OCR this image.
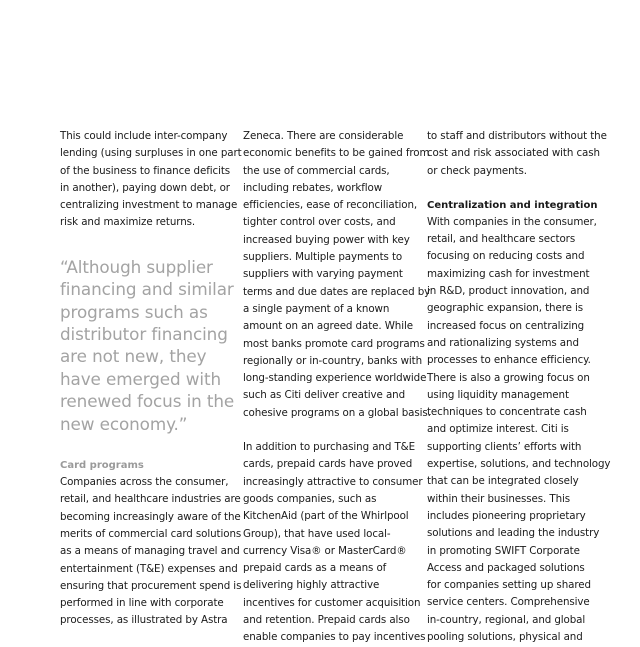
This could include inter-company
lending (using surpluses in one part
of the business to finance deficits
in another), paying down debt, or
centralizing investment to manage
risk and maximize returns.

“Although supplier
financing and similar
programs such as
distributor financing
are not new, they
have emerged with
renewed focus in the
new economy.”

Card programs

Companies across the consumer,
retail, and healthcare industries are
becoming increasingly aware of the
merits of commercial card solutions
as a means of managing travel and
entertainment (T&E) expenses and
ensuring that procurement spend is
performed in line with corporate
processes, as illustrated by Astra

Zeneca. There are considerable
economic benefits to be gained from
the use of commercial cards,
including rebates, workflow
efficiencies, ease of reconciliation,
tighter control over costs, and
increased buying power with key
suppliers. Multiple payments to
suppliers with varying payment
terms and due dates are replaced by
a single payment of a known
amount on an agreed date. While
most banks promote card programs
regionally or in-country, banks with
long-standing experience worldwide
such as Citi deliver creative and
cohesive programs on a global basis.

In addition to purchasing and T&E
cards, prepaid cards have proved
increasingly attractive to consumer
goods companies, such as
KitchenAid (part of the Whirlpool
Group), that have used local-
currency Visa® or MasterCard®
prepaid cards as a means of
delivering highly attractive
incentives for customer acquisition
and retention. Prepaid cards also
enable companies to pay incentives

to staff and distributors without the
cost and risk associated with cash
or check payments.

Centralization and integration

With companies in the consumer,
retail, and healthcare sectors
focusing on reducing costs and
maximizing cash for investment
in R&D, product innovation, and
geographic expansion, there is
increased focus on centralizing
and rationalizing systems and
processes to enhance efficiency.
There is also a growing focus on
using liquidity management
techniques to concentrate cash
and optimize interest. Citi is
supporting clients’ efforts with
expertise, solutions, and technology
that can be integrated closely
within their businesses. This
includes pioneering proprietary
solutions and leading the industry
in promoting SWIFT Corporate
Access and packaged solutions
for companies setting up shared
service centers. Comprehensive
in-country, regional, and global
pooling solutions, physical and
